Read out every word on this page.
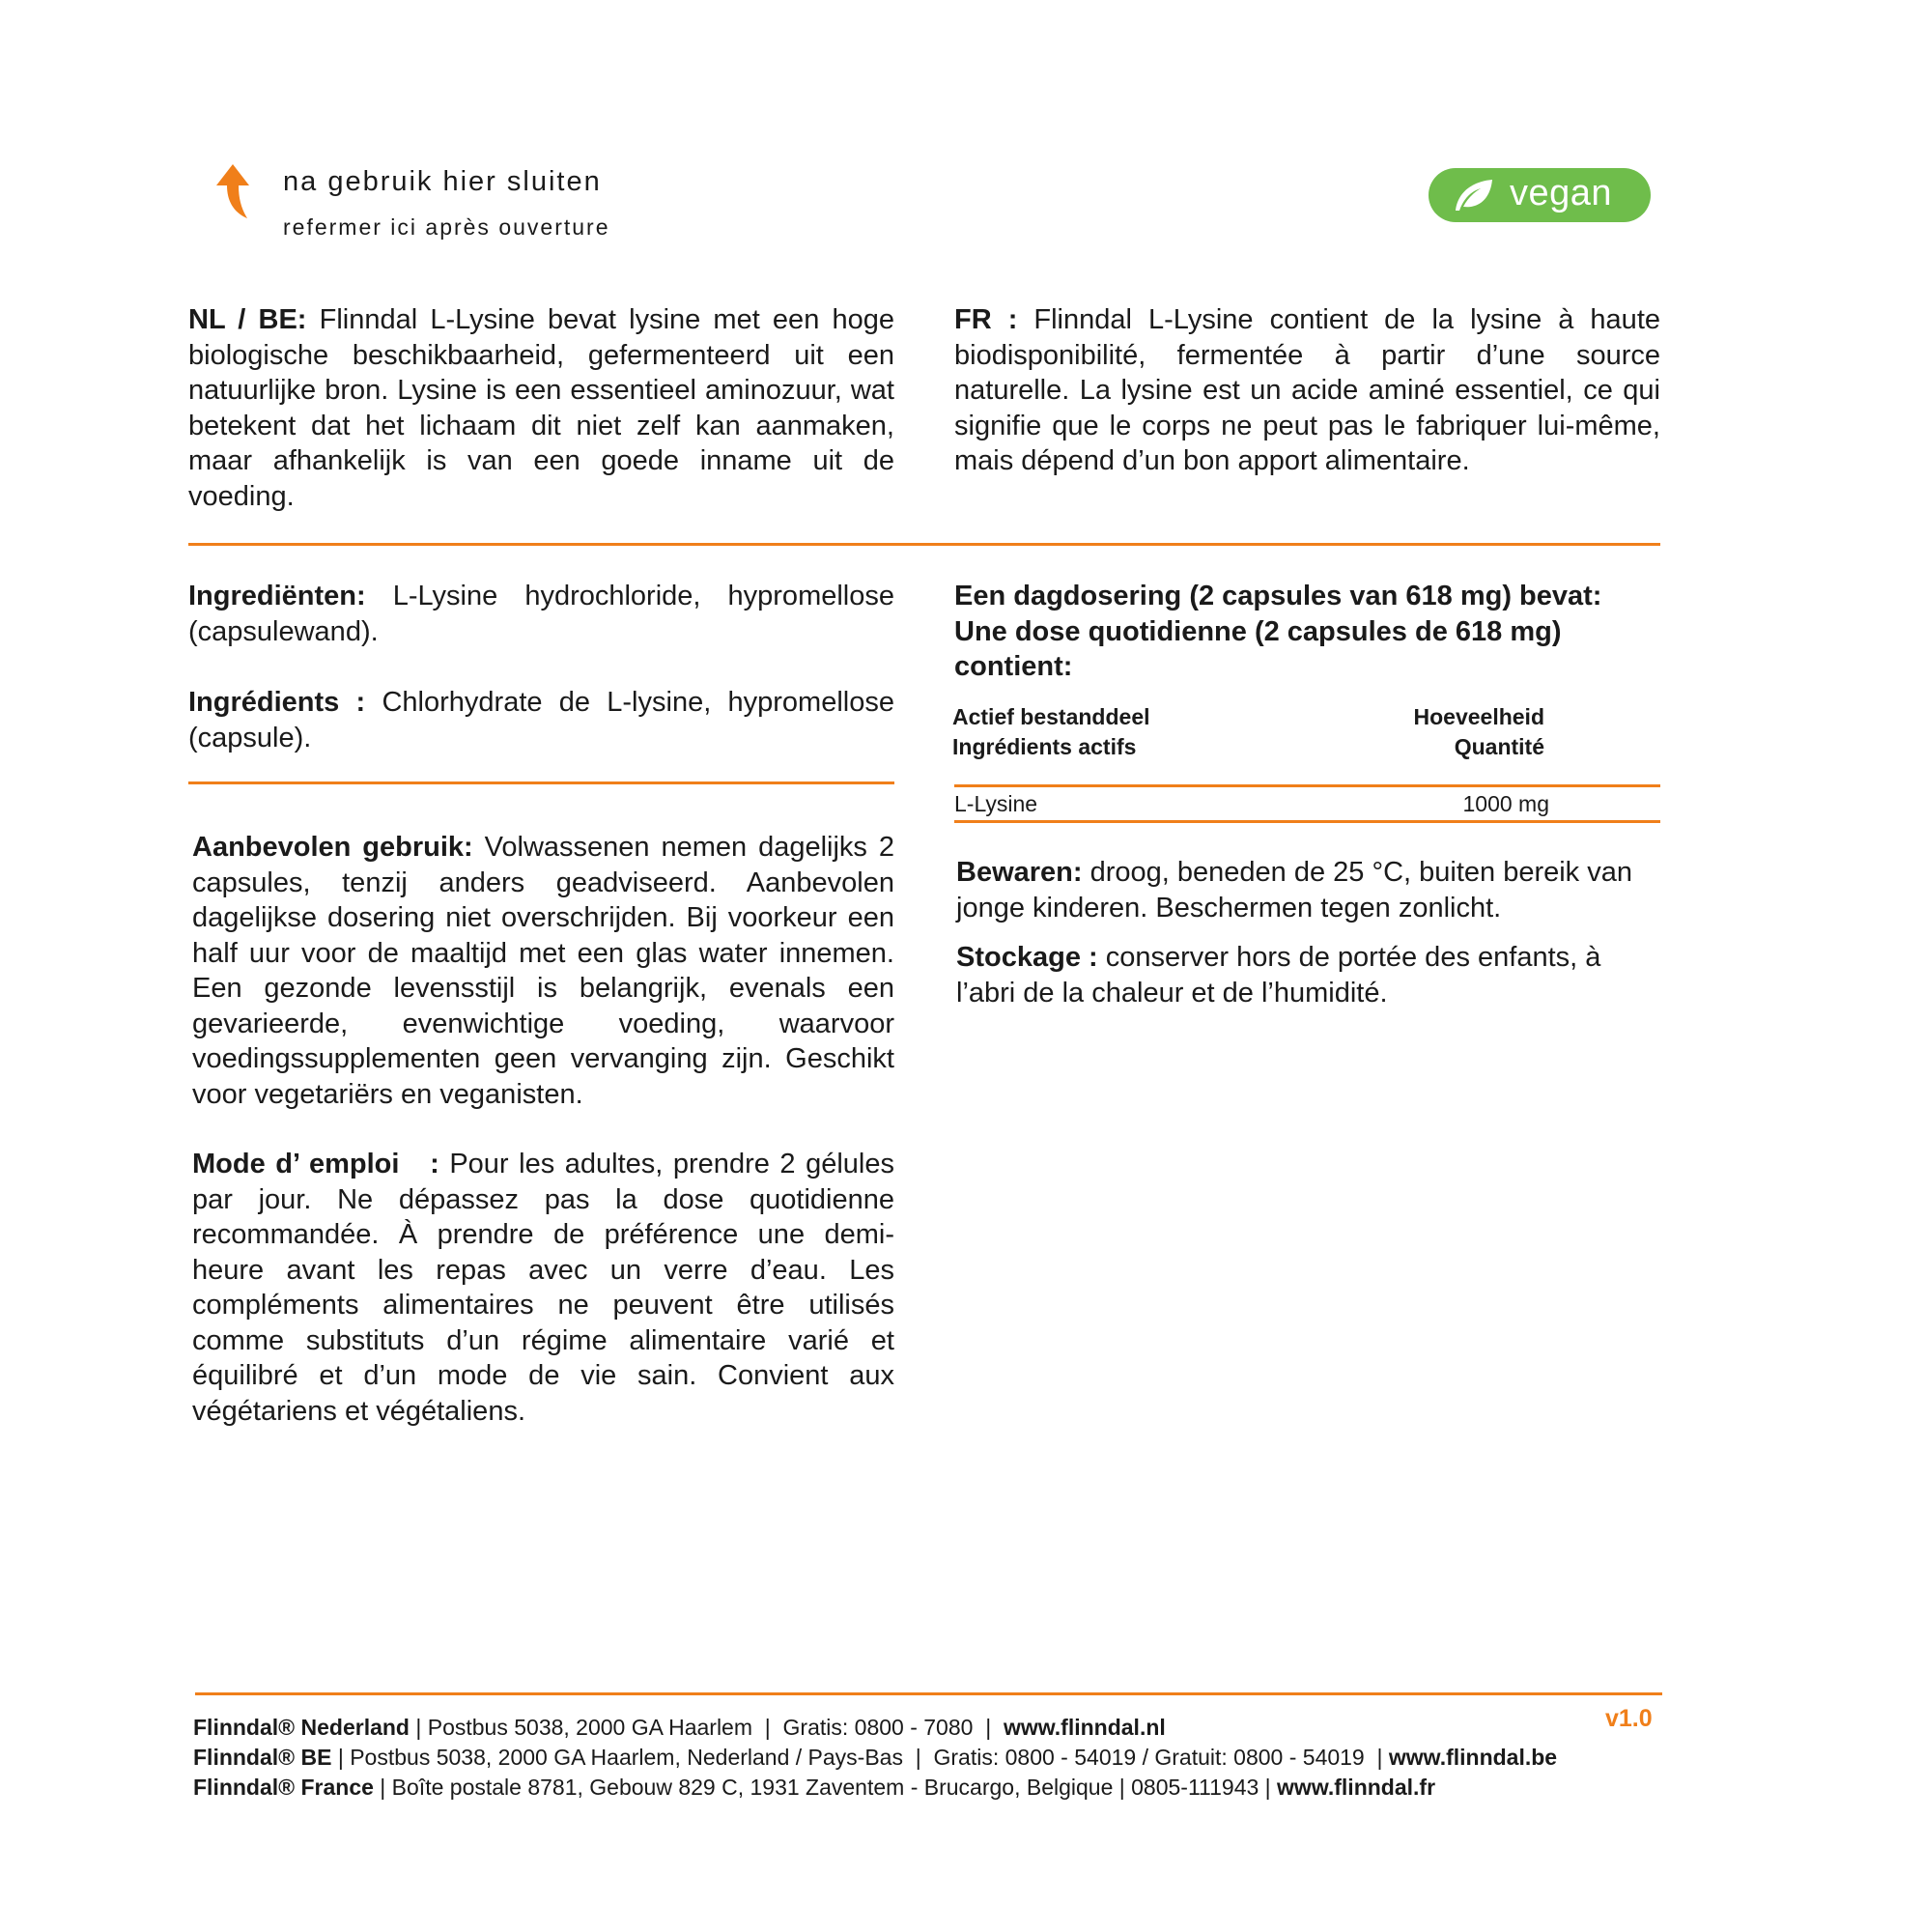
na gebruik hier sluiten
refermer ici après ouverture
vegan
NL / BE: Flinndal L-Lysine bevat lysine met een hoge biologische beschikbaarheid, gefermenteerd uit een natuurlijke bron. Lysine is een essentieel aminozuur, wat betekent dat het lichaam dit niet zelf kan aanmaken, maar afhankelijk is van een goede inname uit de voeding.
FR : Flinndal L-Lysine contient de la lysine à haute biodisponibilité, fermentée à partir d’une source naturelle. La lysine est un acide aminé essentiel, ce qui signifie que le corps ne peut pas le fabriquer lui-même, mais dépend d’un bon apport alimentaire.
Ingrediënten: L-Lysine hydrochloride, hypromellose (capsulewand).
Ingrédients : Chlorhydrate de L-lysine, hypromellose (capsule).
Een dagdosering (2 capsules van 618 mg) bevat:
Une dose quotidienne (2 capsules de 618 mg) contient:
Actief bestanddeel
Ingrédients actifs
Hoeveelheid
Quantité
L-Lysine	1000 mg
Aanbevolen gebruik: Volwassenen nemen dagelijks 2 capsules, tenzij anders geadviseerd. Aanbevolen dagelijkse dosering niet overschrijden. Bij voorkeur een half uur voor de maaltijd met een glas water innemen. Een gezonde levensstijl is belangrijk, evenals een gevarieerde, evenwichtige voeding, waarvoor voedingssupplementen geen vervanging zijn. Geschikt voor vegetariërs en veganisten.
Mode d’ emploi   : Pour les adultes, prendre 2 gélules par jour. Ne dépassez pas la dose quotidienne recommandée. À prendre de préférence une demi-heure avant les repas avec un verre d’eau. Les compléments alimentaires ne peuvent être utilisés comme substituts d’un régime alimentaire varié et équilibré et d’un mode de vie sain. Convient aux végétariens et végétaliens.
Bewaren: droog, beneden de 25 °C, buiten bereik van jonge kinderen. Beschermen tegen zonlicht.
Stockage : conserver hors de portée des enfants, à l’abri de la chaleur et de l’humidité.
Flinndal® Nederland | Postbus 5038, 2000 GA Haarlem  |  Gratis: 0800 - 7080  |  www.flinndal.nl
Flinndal® BE | Postbus 5038, 2000 GA Haarlem, Nederland / Pays-Bas  |  Gratis: 0800 - 54019 / Gratuit: 0800 - 54019  | www.flinndal.be
Flinndal® France | Boîte postale 8781, Gebouw 829 C, 1931 Zaventem - Brucargo, Belgique | 0805-111943 | www.flinndal.fr
v1.0
